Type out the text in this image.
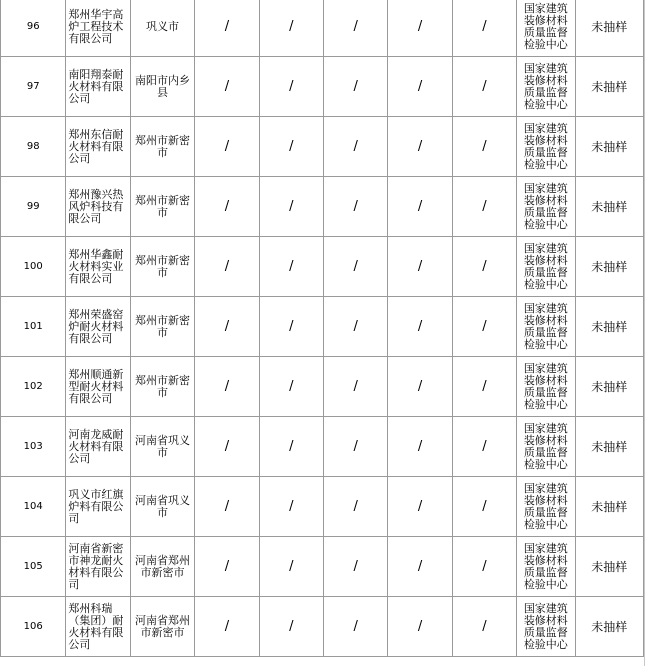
96	郑州华宇高炉工程技术有限公司	巩义市	/	/	/	/	/	国家建筑装修材料质量监督检验中心	未抽样
97	南阳翔泰耐火材料有限公司	南阳市内乡县	/	/	/	/	/	国家建筑装修材料质量监督检验中心	未抽样
98	郑州东信耐火材料有限公司	郑州市新密市	/	/	/	/	/	国家建筑装修材料质量监督检验中心	未抽样
99	郑州豫兴热风炉科技有限公司	郑州市新密市	/	/	/	/	/	国家建筑装修材料质量监督检验中心	未抽样
100	郑州华鑫耐火材料实业有限公司	郑州市新密市	/	/	/	/	/	国家建筑装修材料质量监督检验中心	未抽样
101	郑州荣盛窑炉耐火材料有限公司	郑州市新密市	/	/	/	/	/	国家建筑装修材料质量监督检验中心	未抽样
102	郑州顺通新型耐火材料有限公司	郑州市新密市	/	/	/	/	/	国家建筑装修材料质量监督检验中心	未抽样
103	河南龙威耐火材料有限公司	河南省巩义市	/	/	/	/	/	国家建筑装修材料质量监督检验中心	未抽样
104	巩义市红旗炉料有限公司	河南省巩义市	/	/	/	/	/	国家建筑装修材料质量监督检验中心	未抽样
105	河南省新密市神龙耐火材料有限公司	河南省郑州市新密市	/	/	/	/	/	国家建筑装修材料质量监督检验中心	未抽样
106	郑州科瑞（集团）耐火材料有限公司	河南省郑州市新密市	/	/	/	/	/	国家建筑装修材料质量监督检验中心	未抽样
